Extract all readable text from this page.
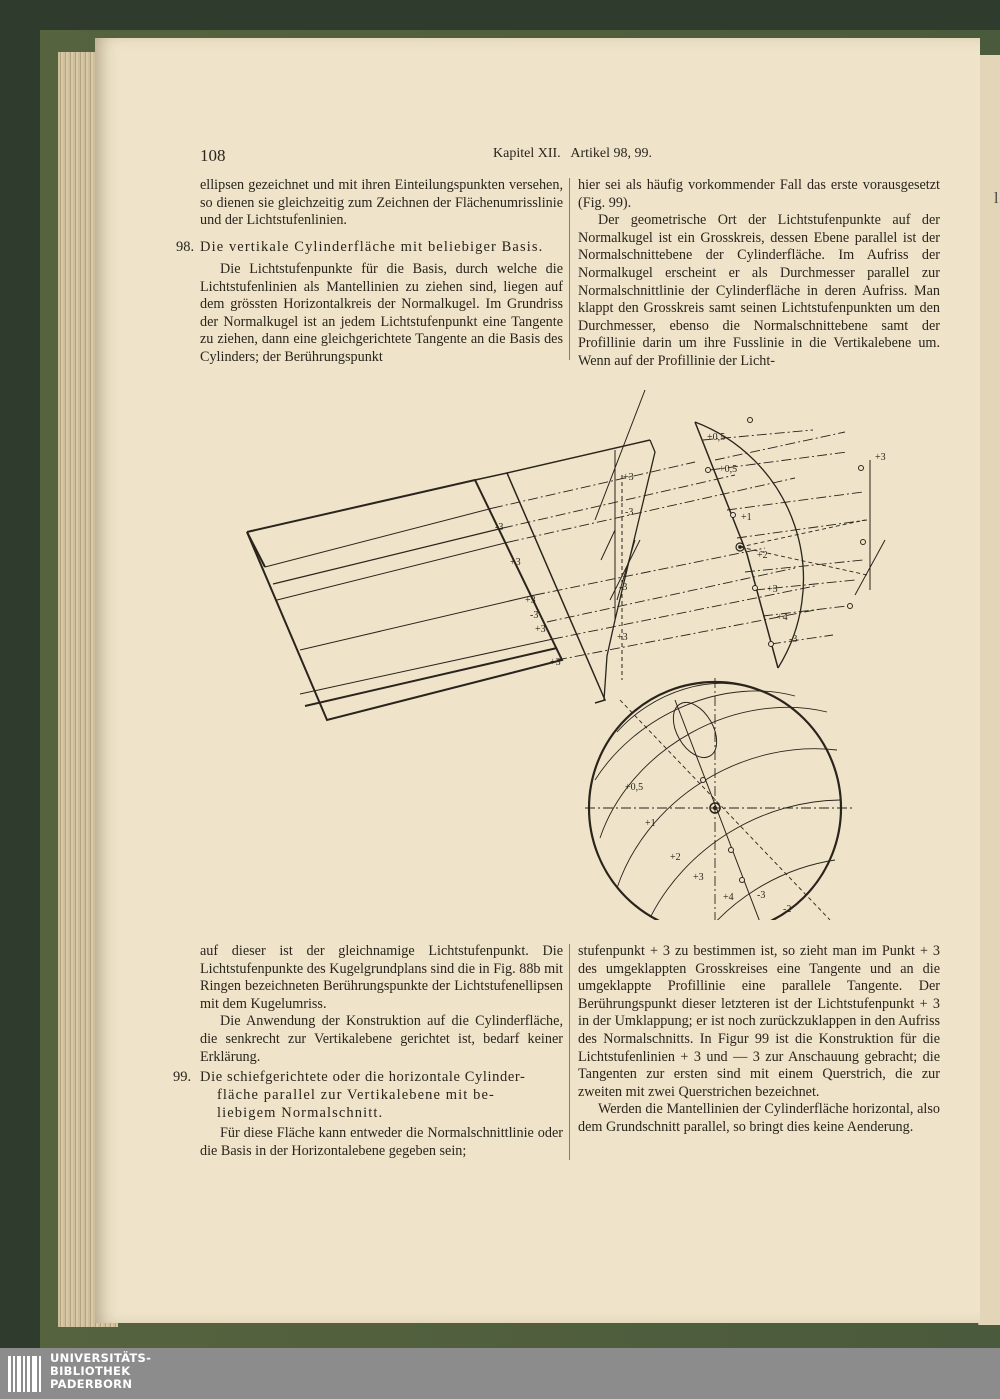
l
108	Kapitel XII.   Artikel 98, 99.

ellipsen gezeichnet und mit ihren Einteilungspunkten versehen, so dienen sie gleichzeitig zum Zeichnen der Flächenumrisslinie und der Lichtstufenlinien.

98. Die vertikale Cylinderfläche mit beliebiger Basis.

Die Lichtstufenpunkte für die Basis, durch welche die Lichtstufenlinien als Mantellinien zu ziehen sind, liegen auf dem grössten Horizontalkreis der Normalkugel. Im Grundriss der Normalkugel ist an jedem Lichtstufenpunkt eine Tangente zu ziehen, dann eine gleichgerichtete Tangente an die Basis des Cylinders; der Berührungspunkt

hier sei als häufig vorkommender Fall das erste vorausgesetzt (Fig. 99).

Der geometrische Ort der Lichtstufenpunkte auf der Normalkugel ist ein Grosskreis, dessen Ebene parallel ist der Normalschnittebene der Cylinderfläche. Im Aufriss der Normalkugel erscheint er als Durchmesser parallel zur Normalschnittlinie der Cylinderfläche in deren Aufriss. Man klappt den Grosskreis samt seinen Lichtstufenpunkten um den Durchmesser, ebenso die Normalschnittebene samt der Profillinie darin um ihre Fusslinie in die Vertikalebene um. Wenn auf der Profillinie der Licht-

-3
+3
+3
-3
+3
+3
+3
-3
-3
+3
+0,5
+0,5
+1
+2
+3
+4
-3
+3
+0,5
+1
+2
+3
+4 -3
-2

auf dieser ist der gleichnamige Lichtstufenpunkt. Die Lichtstufenpunkte des Kugelgrundplans sind die in Fig. 88b mit Ringen bezeichneten Berührungspunkte der Lichtstufenellipsen mit dem Kugelumriss.

Die Anwendung der Konstruktion auf die Cylinderfläche, die senkrecht zur Vertikalebene gerichtet ist, bedarf keiner Erklärung.

99. Die schiefgerichtete oder die horizontale Cylinder-
fläche parallel zur Vertikalebene mit be-
liebigem Normalschnitt.

Für diese Fläche kann entweder die Normalschnittlinie oder die Basis in der Horizontalebene gegeben sein;

stufenpunkt + 3 zu bestimmen ist, so zieht man im Punkt + 3 des umgeklappten Grosskreises eine Tangente und an die umgeklappte Profillinie eine parallele Tangente. Der Berührungspunkt dieser letzteren ist der Lichtstufenpunkt + 3 in der Umklappung; er ist noch zurückzuklappen in den Aufriss des Normalschnitts. In Figur 99 ist die Konstruktion für die Lichtstufenlinien + 3 und — 3 zur Anschauung gebracht; die Tangenten zur ersten sind mit einem Querstrich, die zur zweiten mit zwei Querstrichen bezeichnet.

Werden die Mantellinien der Cylinderfläche horizontal, also dem Grundschnitt parallel, so bringt dies keine Aenderung.

UNIVERSITÄTS-
BIBLIOTHEK
PADERBORN
